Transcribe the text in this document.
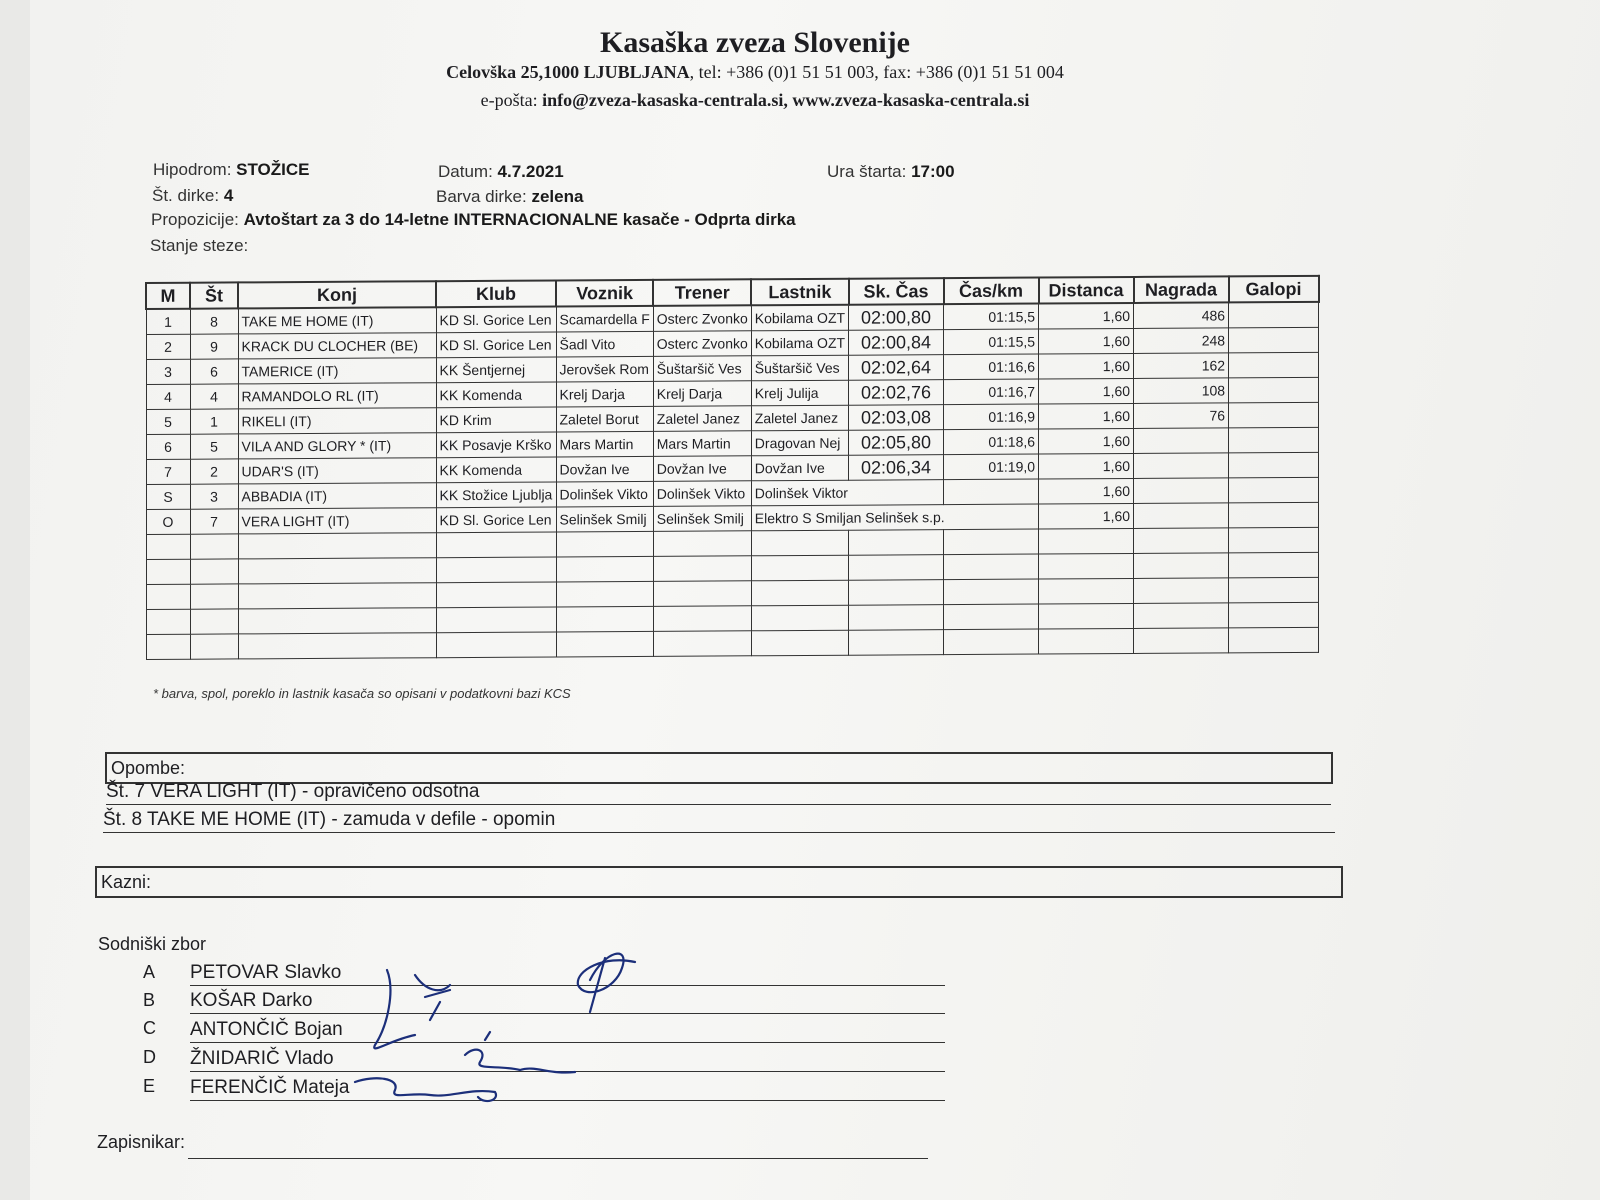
Kasaška zveza Slovenije
Celovška 25,1000 LJUBLJANA, tel: +386 (0)1 51 51 003, fax: +386 (0)1 51 51 004
e-pošta: info@zveza-kasaska-centrala.si, www.zveza-kasaska-centrala.si
Hipodrom: STOŽICE	Datum: 4.7.2021	Ura štarta: 17:00
Št. dirke: 4	Barva dirke: zelena
Propozicije: Avtoštart za 3 do 14-letne INTERNACIONALNE kasače - Odprta dirka
Stanje steze:
M	Št	Konj	Klub	Voznik	Trener	Lastnik	Sk. Čas	Čas/km	Distanca	Nagrada	Galopi
1	8	TAKE ME HOME (IT)	KD Sl. Gorice Len	Scamardella F	Osterc Zvonko	Kobilama OZT	02:00,80	01:15,5	1,60	486	
2	9	KRACK DU CLOCHER (BE)	KD Sl. Gorice Len	Šadl Vito	Osterc Zvonko	Kobilama OZT	02:00,84	01:15,5	1,60	248	
3	6	TAMERICE (IT)	KK Šentjernej	Jerovšek Rom	Šuštaršič Ves	Šuštaršič Ves	02:02,64	01:16,6	1,60	162	
4	4	RAMANDOLO RL (IT)	KK Komenda	Krelj Darja	Krelj Darja	Krelj Julija	02:02,76	01:16,7	1,60	108	
5	1	RIKELI (IT)	KD Krim	Zaletel Borut	Zaletel Janez	Zaletel Janez	02:03,08	01:16,9	1,60	76	
6	5	VILA AND GLORY * (IT)	KK Posavje Krško	Mars Martin	Mars Martin	Dragovan Nej	02:05,80	01:18,6	1,60		
7	2	UDAR'S (IT)	KK Komenda	Dovžan Ive	Dovžan Ive	Dovžan Ive	02:06,34	01:19,0	1,60		
S	3	ABBADIA (IT)	KK Stožice Ljublja	Dolinšek Vikto	Dolinšek Vikto	Dolinšek Viktor			1,60		
O	7	VERA LIGHT (IT)	KD Sl. Gorice Len	Selinšek Smilj	Selinšek Smilj	Elektro S Smiljan Selinšek s.p.			1,60		

* barva, spol, poreklo in lastnik kasača so opisani v podatkovni bazi KCS
Opombe:
Št. 7 VERA LIGHT (IT) - opravičeno odsotna
Št. 8 TAKE ME HOME (IT) - zamuda v defile - opomin
Kazni:
Sodniški zbor
A	PETOVAR Slavko
B	KOŠAR Darko
C	ANTONČIČ Bojan
D	ŽNIDARIČ Vlado
E	FERENČIČ Mateja
Zapisnikar:
